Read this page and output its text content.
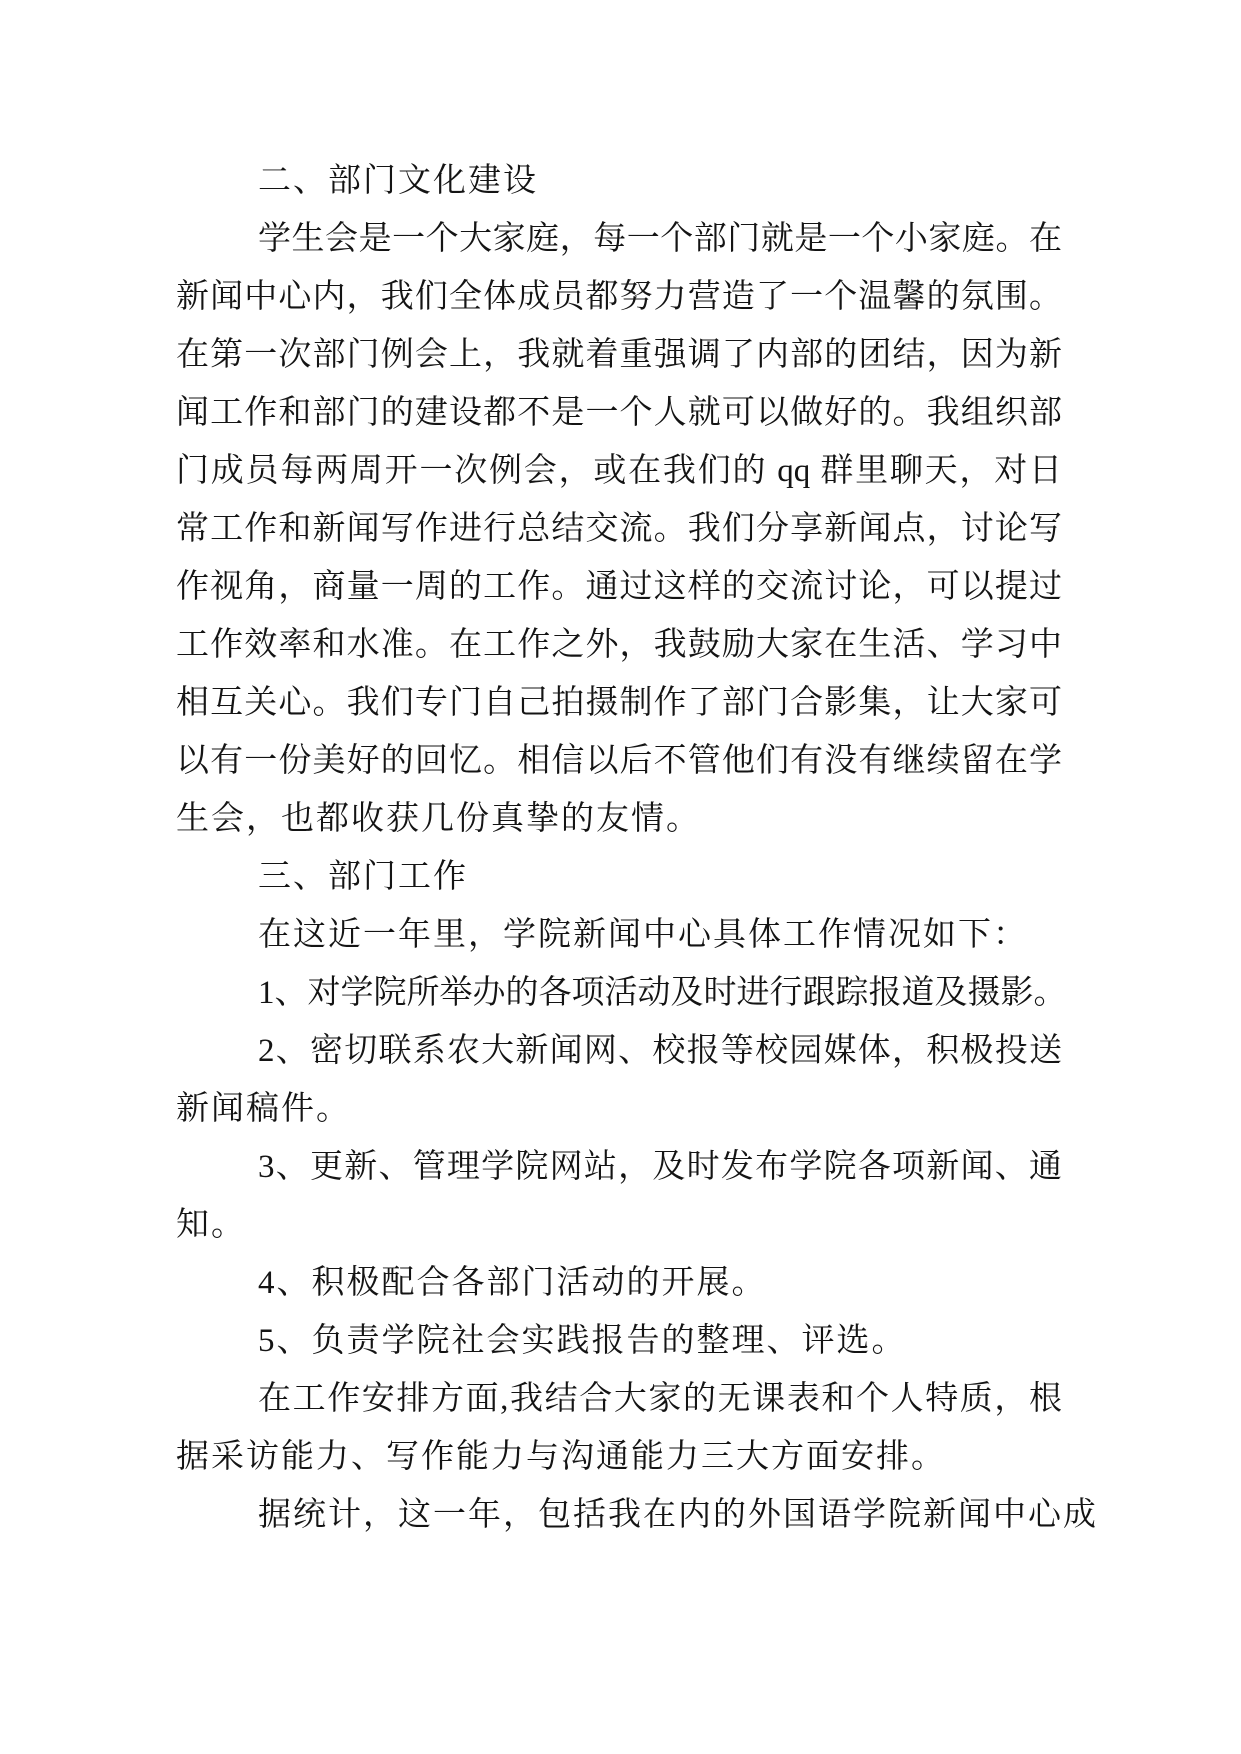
二、部门文化建设
学生会是一个大家庭，每一个部门就是一个小家庭。在
新闻中心内，我们全体成员都努力营造了一个温馨的氛围。
在第一次部门例会上，我就着重强调了内部的团结，因为新
闻工作和部门的建设都不是一个人就可以做好的。我组织部
门成员每两周开一次例会，或在我们的 qq 群里聊天，对日
常工作和新闻写作进行总结交流。我们分享新闻点，讨论写
作视角，商量一周的工作。通过这样的交流讨论，可以提过
工作效率和水准。在工作之外，我鼓励大家在生活、学习中
相互关心。我们专门自己拍摄制作了部门合影集，让大家可
以有一份美好的回忆。相信以后不管他们有没有继续留在学
生会，也都收获几份真挚的友情。
三、部门工作
在这近一年里，学院新闻中心具体工作情况如下：
1、对学院所举办的各项活动及时进行跟踪报道及摄影。
2、密切联系农大新闻网、校报等校园媒体，积极投送
新闻稿件。
3、更新、管理学院网站，及时发布学院各项新闻、通
知。
4、积极配合各部门活动的开展。
5、负责学院社会实践报告的整理、评选。
在工作安排方面,我结合大家的无课表和个人特质，根
据采访能力、写作能力与沟通能力三大方面安排。
据统计，这一年，包括我在内的外国语学院新闻中心成
